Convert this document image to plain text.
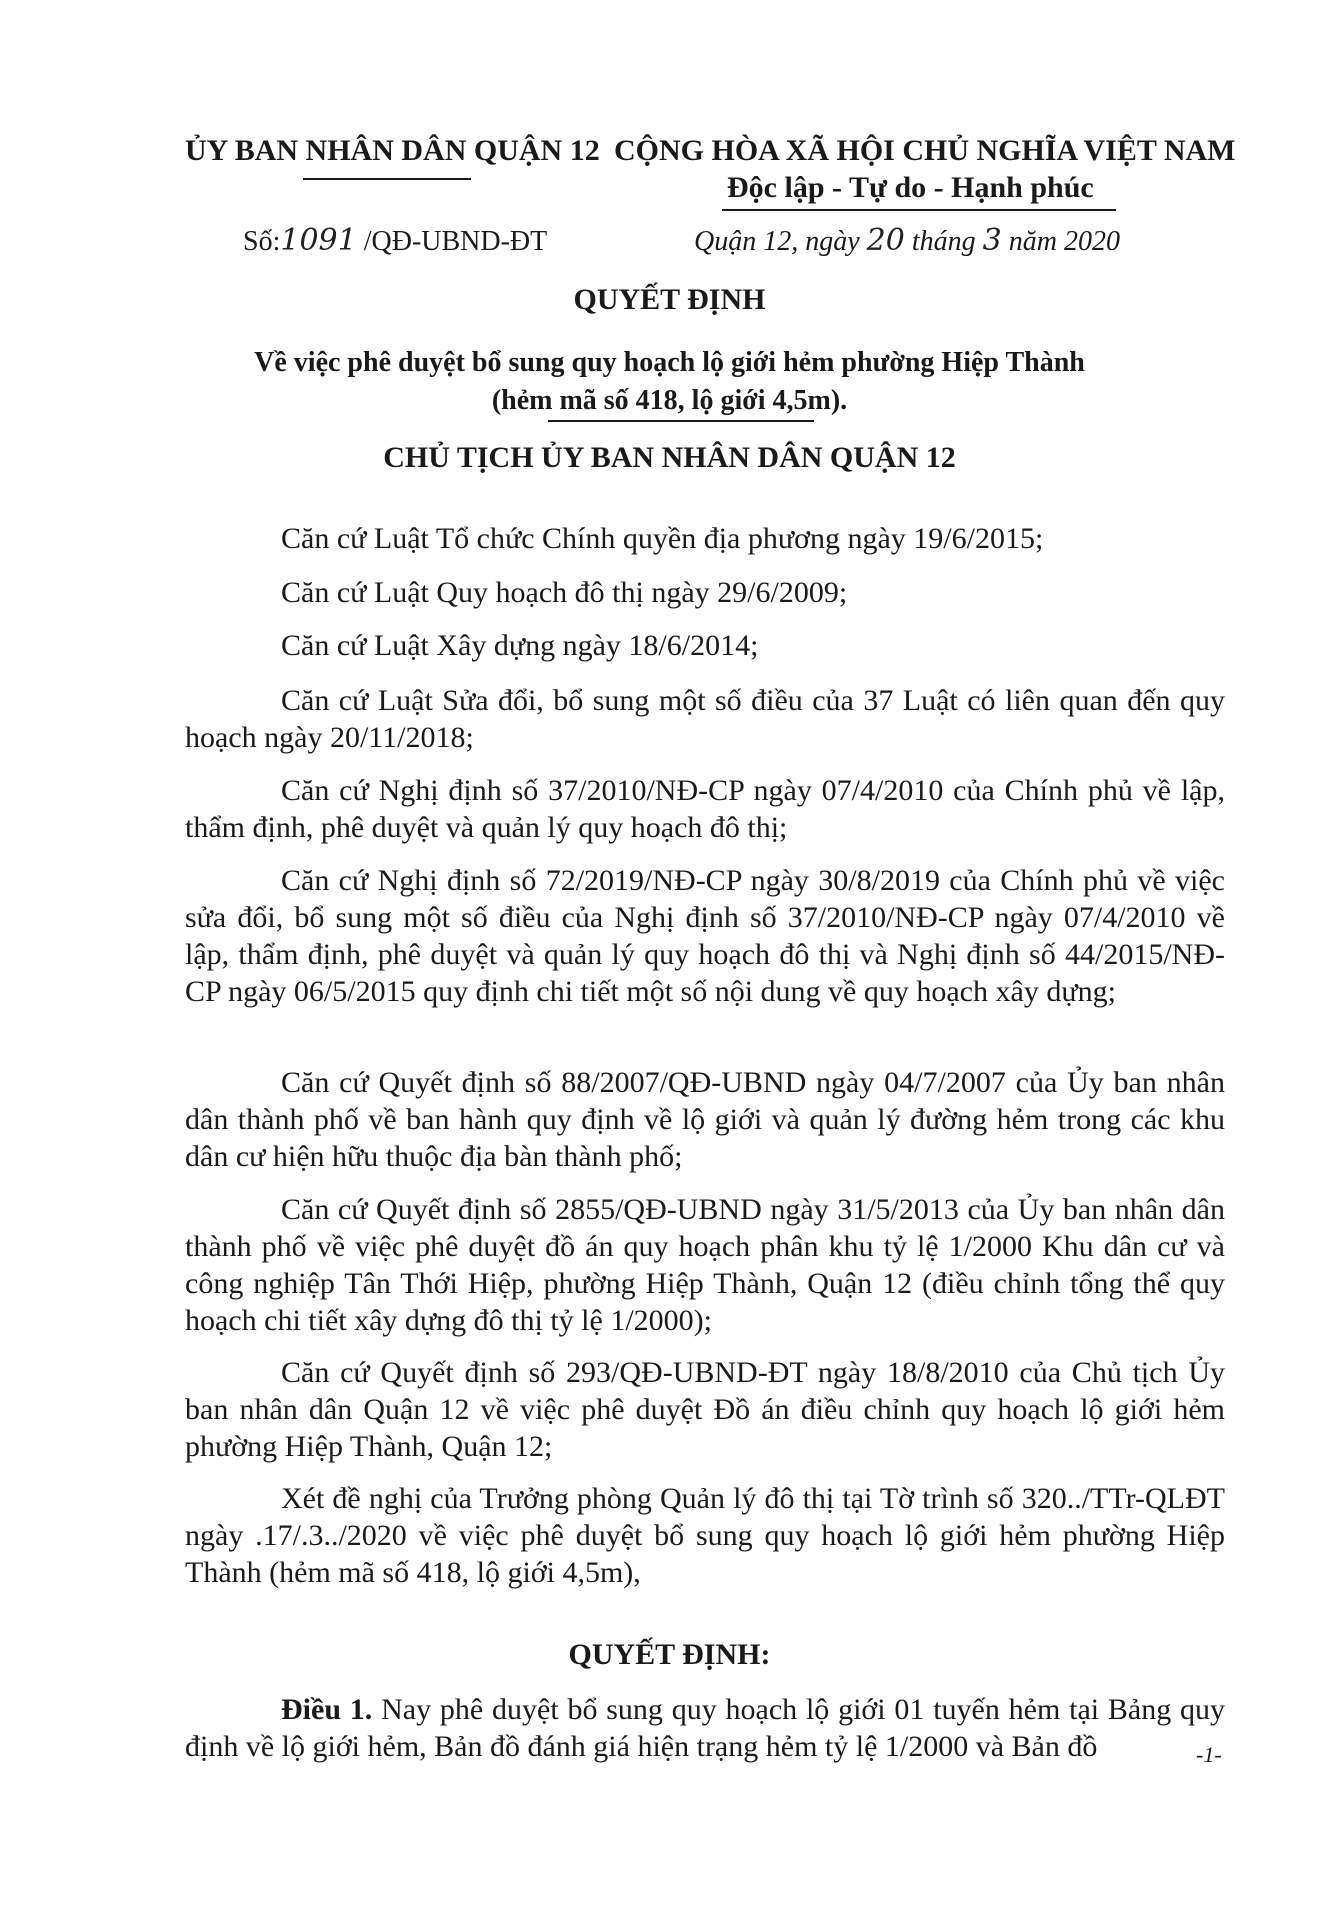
ỦY BAN NHÂN DÂN QUẬN 12 CỘNG HÒA XÃ HỘI CHỦ NGHĨA VIỆT NAM
Độc lập - Tự do - Hạnh phúc
Số:1091 /QĐ-UBND-ĐT	Quận 12, ngày 20 tháng 3 năm 2020
QUYẾT ĐỊNH
Về việc phê duyệt bổ sung quy hoạch lộ giới hẻm phường Hiệp Thành
(hẻm mã số 418, lộ giới 4,5m).
CHỦ TỊCH ỦY BAN NHÂN DÂN QUẬN 12

Căn cứ Luật Tổ chức Chính quyền địa phương ngày 19/6/2015;

Căn cứ Luật Quy hoạch đô thị ngày 29/6/2009;

Căn cứ Luật Xây dựng ngày 18/6/2014;

Căn cứ Luật Sửa đổi, bổ sung một số điều của 37 Luật có liên quan đến quy hoạch ngày 20/11/2018;

Căn cứ Nghị định số 37/2010/NĐ-CP ngày 07/4/2010 của Chính phủ về lập, thẩm định, phê duyệt và quản lý quy hoạch đô thị;

Căn cứ Nghị định số 72/2019/NĐ-CP ngày 30/8/2019 của Chính phủ về việc sửa đổi, bổ sung một số điều của Nghị định số 37/2010/NĐ-CP ngày 07/4/2010 về lập, thẩm định, phê duyệt và quản lý quy hoạch đô thị và Nghị định số 44/2015/NĐ-CP ngày 06/5/2015 quy định chi tiết một số nội dung về quy hoạch xây dựng;

Căn cứ Quyết định số 88/2007/QĐ-UBND ngày 04/7/2007 của Ủy ban nhân dân thành phố về ban hành quy định về lộ giới và quản lý đường hẻm trong các khu dân cư hiện hữu thuộc địa bàn thành phố;

Căn cứ Quyết định số 2855/QĐ-UBND ngày 31/5/2013 của Ủy ban nhân dân thành phố về việc phê duyệt đồ án quy hoạch phân khu tỷ lệ 1/2000 Khu dân cư và công nghiệp Tân Thới Hiệp, phường Hiệp Thành, Quận 12 (điều chỉnh tổng thể quy hoạch chi tiết xây dựng đô thị tỷ lệ 1/2000);

Căn cứ Quyết định số 293/QĐ-UBND-ĐT ngày 18/8/2010 của Chủ tịch Ủy ban nhân dân Quận 12 về việc phê duyệt Đồ án điều chỉnh quy hoạch lộ giới hẻm phường Hiệp Thành, Quận 12;

Xét đề nghị của Trưởng phòng Quản lý đô thị tại Tờ trình số 320../TTr-QLĐT ngày .17/.3../2020 về việc phê duyệt bổ sung quy hoạch lộ giới hẻm phường Hiệp Thành (hẻm mã số 418, lộ giới 4,5m),

QUYẾT ĐỊNH:

Điều 1. Nay phê duyệt bổ sung quy hoạch lộ giới 01 tuyến hẻm tại Bảng quy định về lộ giới hẻm, Bản đồ đánh giá hiện trạng hẻm tỷ lệ 1/2000 và Bản đồ	-1-
